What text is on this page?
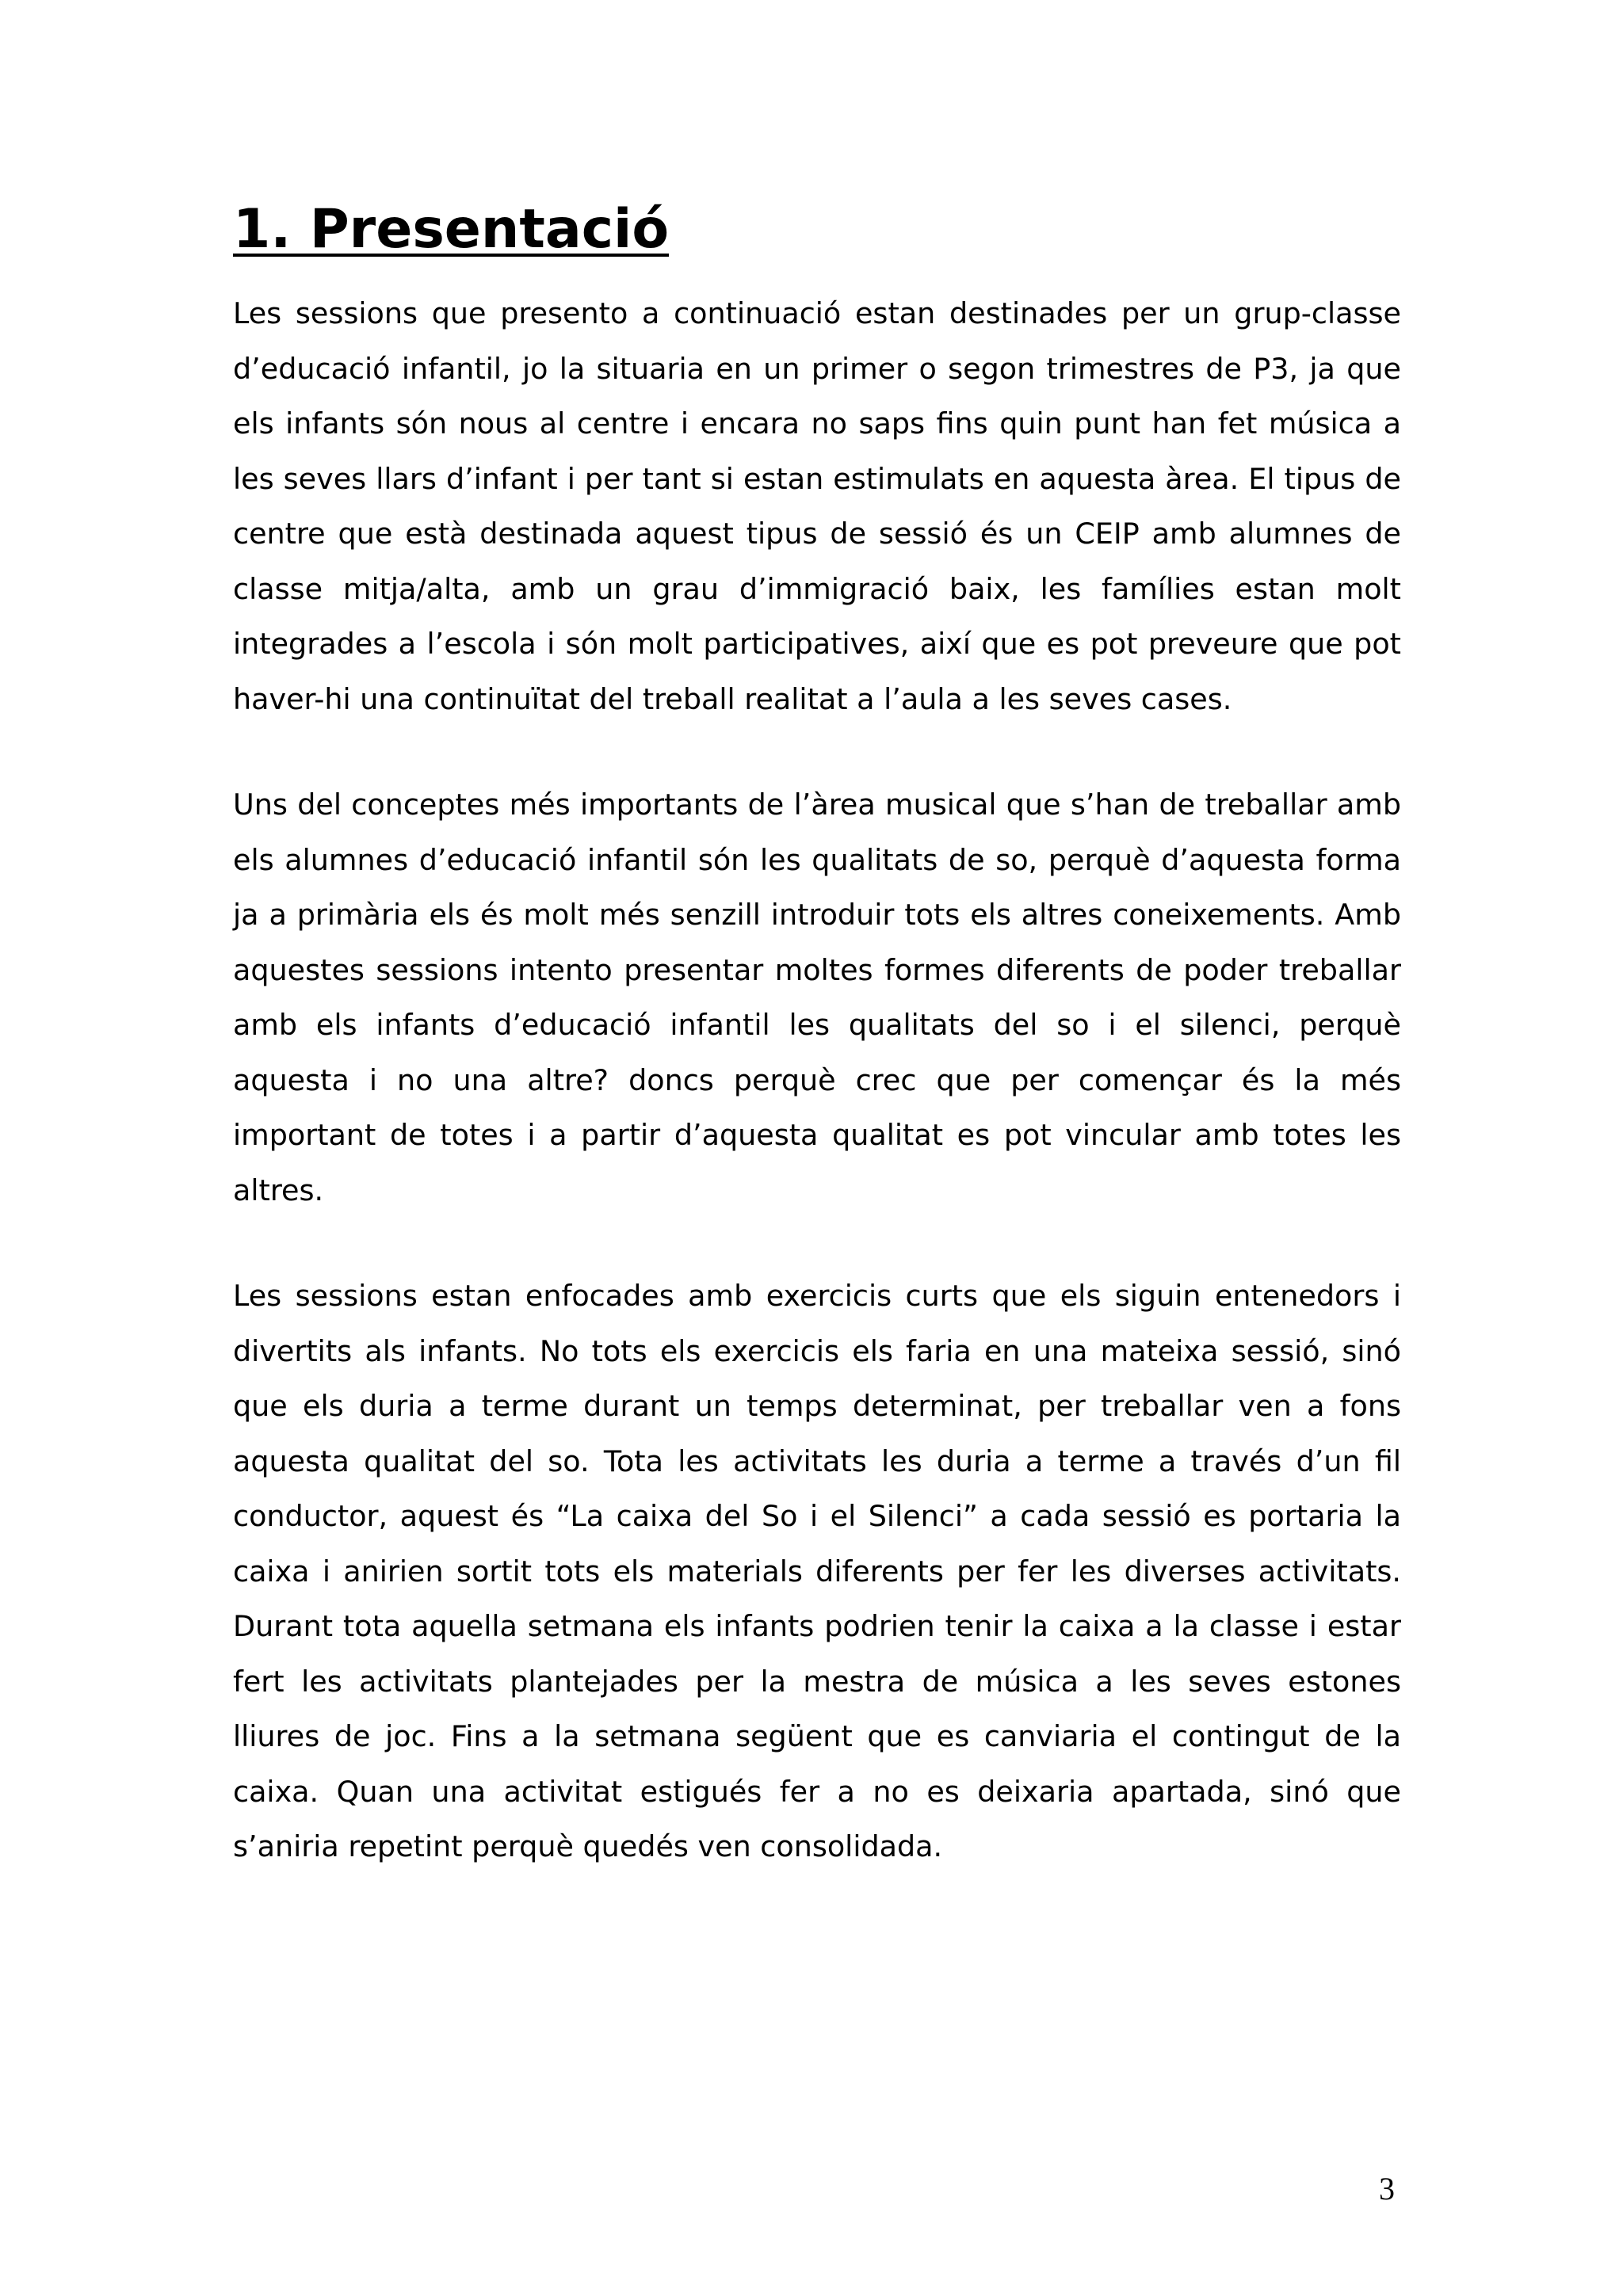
1. Presentació

Les sessions que presento a continuació estan destinades per un grup-classe d’educació infantil, jo la situaria en un primer o segon trimestres de P3, ja que els infants són nous al centre i encara no saps fins quin punt han fet música a les seves llars d’infant i per tant si estan estimulats en aquesta àrea. El tipus de centre que està destinada aquest tipus de sessió és un CEIP amb alumnes de classe mitja/alta, amb un grau d’immigració baix, les famílies estan molt integrades a l’escola i són molt participatives, així que es pot preveure que pot haver-hi una continuïtat del treball realitat a l’aula a les seves cases.

Uns del conceptes més importants de l’àrea musical que s’han de treballar amb els alumnes d’educació infantil són les qualitats de so, perquè d’aquesta forma ja a primària els és molt més senzill introduir tots els altres coneixements. Amb aquestes sessions intento presentar moltes formes diferents de poder treballar amb els infants d’educació infantil les qualitats del so i el silenci, perquè aquesta i no una altre? doncs perquè crec que per començar és la més important de totes i a partir d’aquesta qualitat es pot vincular amb totes les altres.

Les sessions estan enfocades amb exercicis curts que els siguin entenedors i divertits als infants. No tots els exercicis els faria en una mateixa sessió, sinó que els duria a terme durant un temps determinat, per treballar ven a fons aquesta qualitat del so. Tota les activitats les duria a terme a través d’un fil conductor, aquest és “La caixa del So i el Silenci” a cada sessió es portaria la caixa i anirien sortit tots els materials diferents per fer les diverses activitats. Durant tota aquella setmana els infants podrien tenir la caixa a la classe i estar fert les activitats plantejades per la mestra de música a les seves estones lliures de joc. Fins a la setmana següent que es canviaria el contingut de la caixa. Quan una activitat estigués fer a no es deixaria apartada, sinó que s’aniria repetint perquè quedés ven consolidada.

3
